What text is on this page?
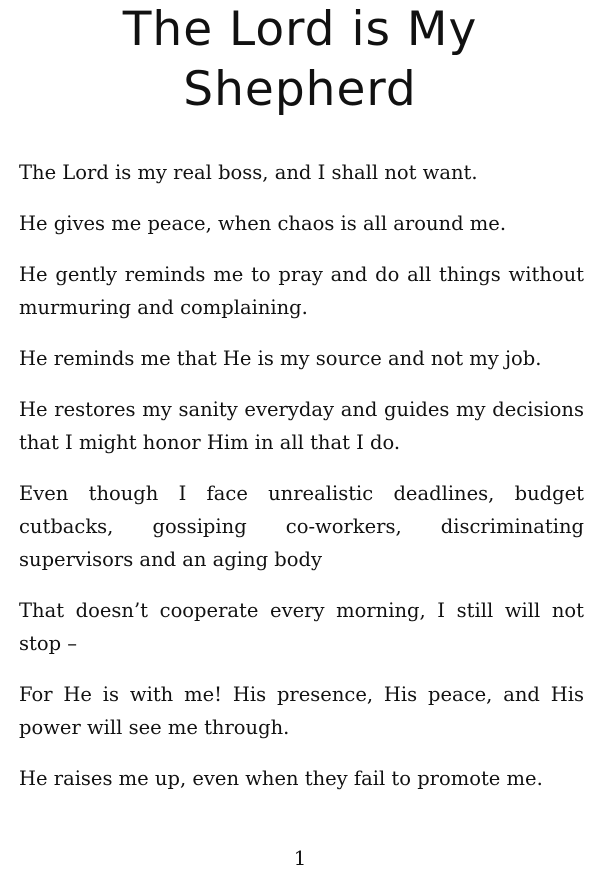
The Lord is My
Shepherd

The Lord is my real boss, and I shall not want.

He gives me peace, when chaos is all around me.

He gently reminds me to pray and do all things without murmuring and complaining.

He reminds me that He is my source and not my job.

He restores my sanity everyday and guides my decisions that I might honor Him in all that I do.

Even though I face unrealistic deadlines, budget cutbacks, gossiping co-workers, discriminating supervisors and an aging body

That doesn’t cooperate every morning, I still will not stop –

For He is with me! His presence, His peace, and His power will see me through.

He raises me up, even when they fail to promote me.

1
